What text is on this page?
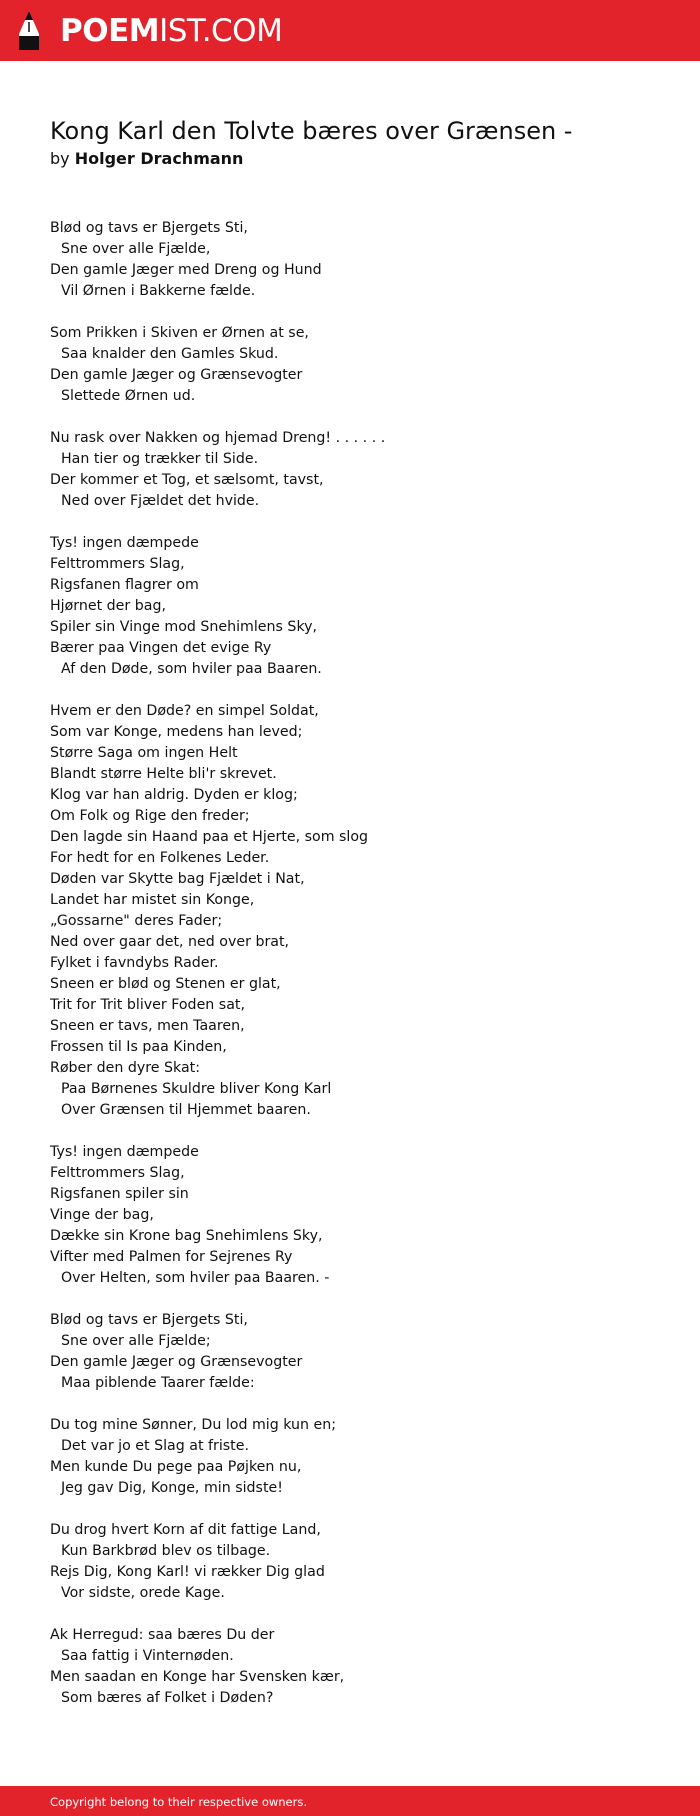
POEMIST.COM
Kong Karl den Tolvte bæres over Grænsen -
by Holger Drachmann
Blød og tavs er Bjergets Sti,
Sne over alle Fjælde,
Den gamle Jæger med Dreng og Hund
Vil Ørnen i Bakkerne fælde.
Som Prikken i Skiven er Ørnen at se,
Saa knalder den Gamles Skud.
Den gamle Jæger og Grænsevogter
Slettede Ørnen ud.
Nu rask over Nakken og hjemad Dreng! . . . . . .
Han tier og trækker til Side.
Der kommer et Tog, et sælsomt, tavst,
Ned over Fjældet det hvide.
Tys! ingen dæmpede
Felttrommers Slag,
Rigsfanen flagrer om
Hjørnet der bag,
Spiler sin Vinge mod Snehimlens Sky,
Bærer paa Vingen det evige Ry
Af den Døde, som hviler paa Baaren.
Hvem er den Døde? en simpel Soldat,
Som var Konge, medens han leved;
Større Saga om ingen Helt
Blandt større Helte bli'r skrevet.
Klog var han aldrig. Dyden er klog;
Om Folk og Rige den freder;
Den lagde sin Haand paa et Hjerte, som slog
For hedt for en Folkenes Leder.
Døden var Skytte bag Fjældet i Nat,
Landet har mistet sin Konge,
„Gossarne" deres Fader;
Ned over gaar det, ned over brat,
Fylket i favndybs Rader.
Sneen er blød og Stenen er glat,
Trit for Trit bliver Foden sat,
Sneen er tavs, men Taaren,
Frossen til Is paa Kinden,
Røber den dyre Skat:
Paa Børnenes Skuldre bliver Kong Karl
Over Grænsen til Hjemmet baaren.
Tys! ingen dæmpede
Felttrommers Slag,
Rigsfanen spiler sin
Vinge der bag,
Dække sin Krone bag Snehimlens Sky,
Vifter med Palmen for Sejrenes Ry
Over Helten, som hviler paa Baaren. -
Blød og tavs er Bjergets Sti,
Sne over alle Fjælde;
Den gamle Jæger og Grænsevogter
Maa piblende Taarer fælde:
Du tog mine Sønner, Du lod mig kun en;
Det var jo et Slag at friste.
Men kunde Du pege paa Pøjken nu,
Jeg gav Dig, Konge, min sidste!
Du drog hvert Korn af dit fattige Land,
Kun Barkbrød blev os tilbage.
Rejs Dig, Kong Karl! vi rækker Dig glad
Vor sidste, orede Kage.
Ak Herregud: saa bæres Du der
Saa fattig i Vinternøden.
Men saadan en Konge har Svensken kær,
Som bæres af Folket i Døden?
Copyright belong to their respective owners.
